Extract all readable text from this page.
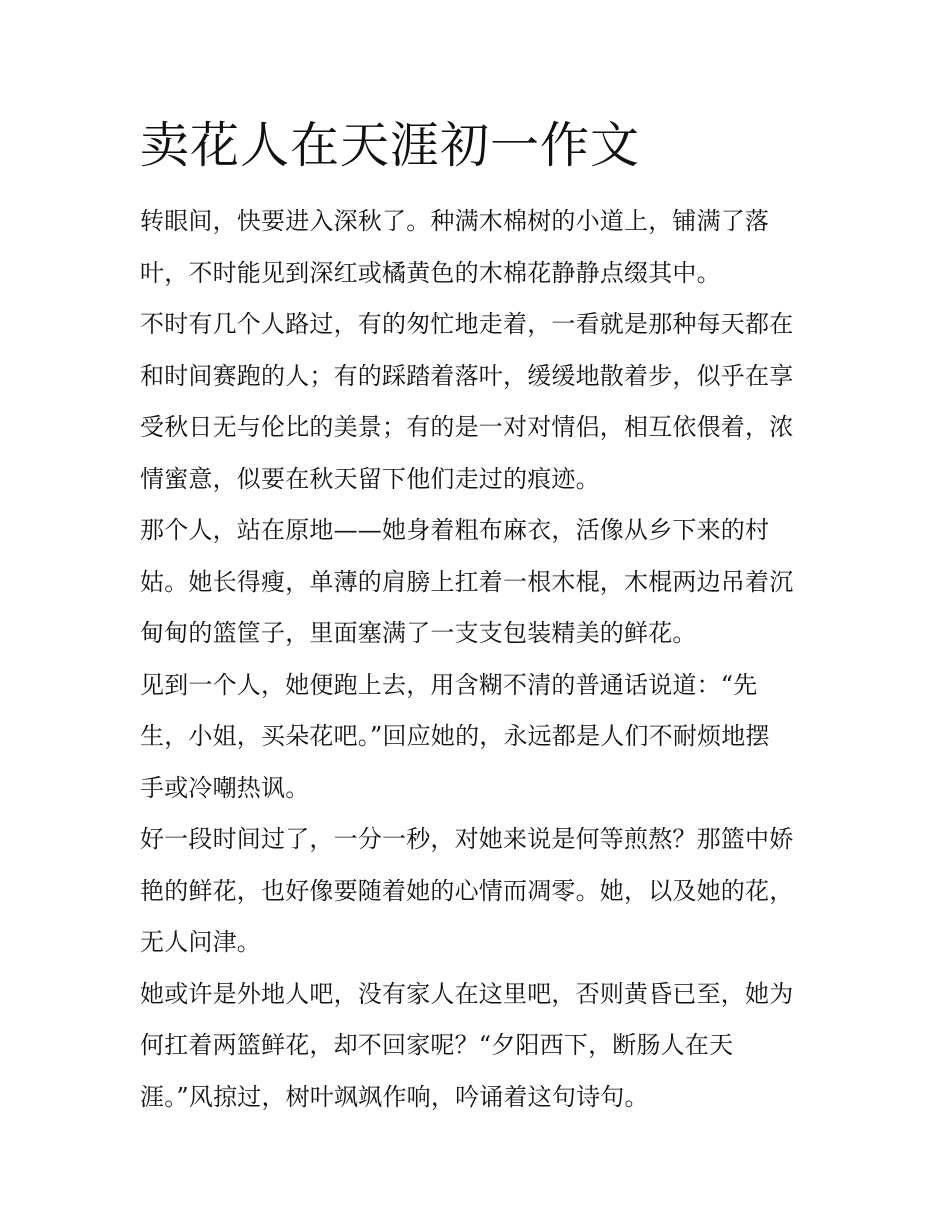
卖花人在天涯初一作文
转眼间，快要进入深秋了。种满木棉树的小道上，铺满了落
叶，不时能见到深红或橘黄色的木棉花静静点缀其中。
不时有几个人路过，有的匆忙地走着，一看就是那种每天都在
和时间赛跑的人；有的踩踏着落叶，缓缓地散着步，似乎在享
受秋日无与伦比的美景；有的是一对对情侣，相互依偎着，浓
情蜜意，似要在秋天留下他们走过的痕迹。
那个人，站在原地——她身着粗布麻衣，活像从乡下来的村
姑。她长得瘦，单薄的肩膀上扛着一根木棍，木棍两边吊着沉
甸甸的篮筐子，里面塞满了一支支包装精美的鲜花。
见到一个人，她便跑上去，用含糊不清的普通话说道：“先
生，小姐，买朵花吧。”回应她的，永远都是人们不耐烦地摆
手或冷嘲热讽。
好一段时间过了，一分一秒，对她来说是何等煎熬？那篮中娇
艳的鲜花，也好像要随着她的心情而凋零。她，以及她的花，
无人问津。
她或许是外地人吧，没有家人在这里吧，否则黄昏已至，她为
何扛着两篮鲜花，却不回家呢？“夕阳西下，断肠人在天
涯。”风掠过，树叶飒飒作响，吟诵着这句诗句。
